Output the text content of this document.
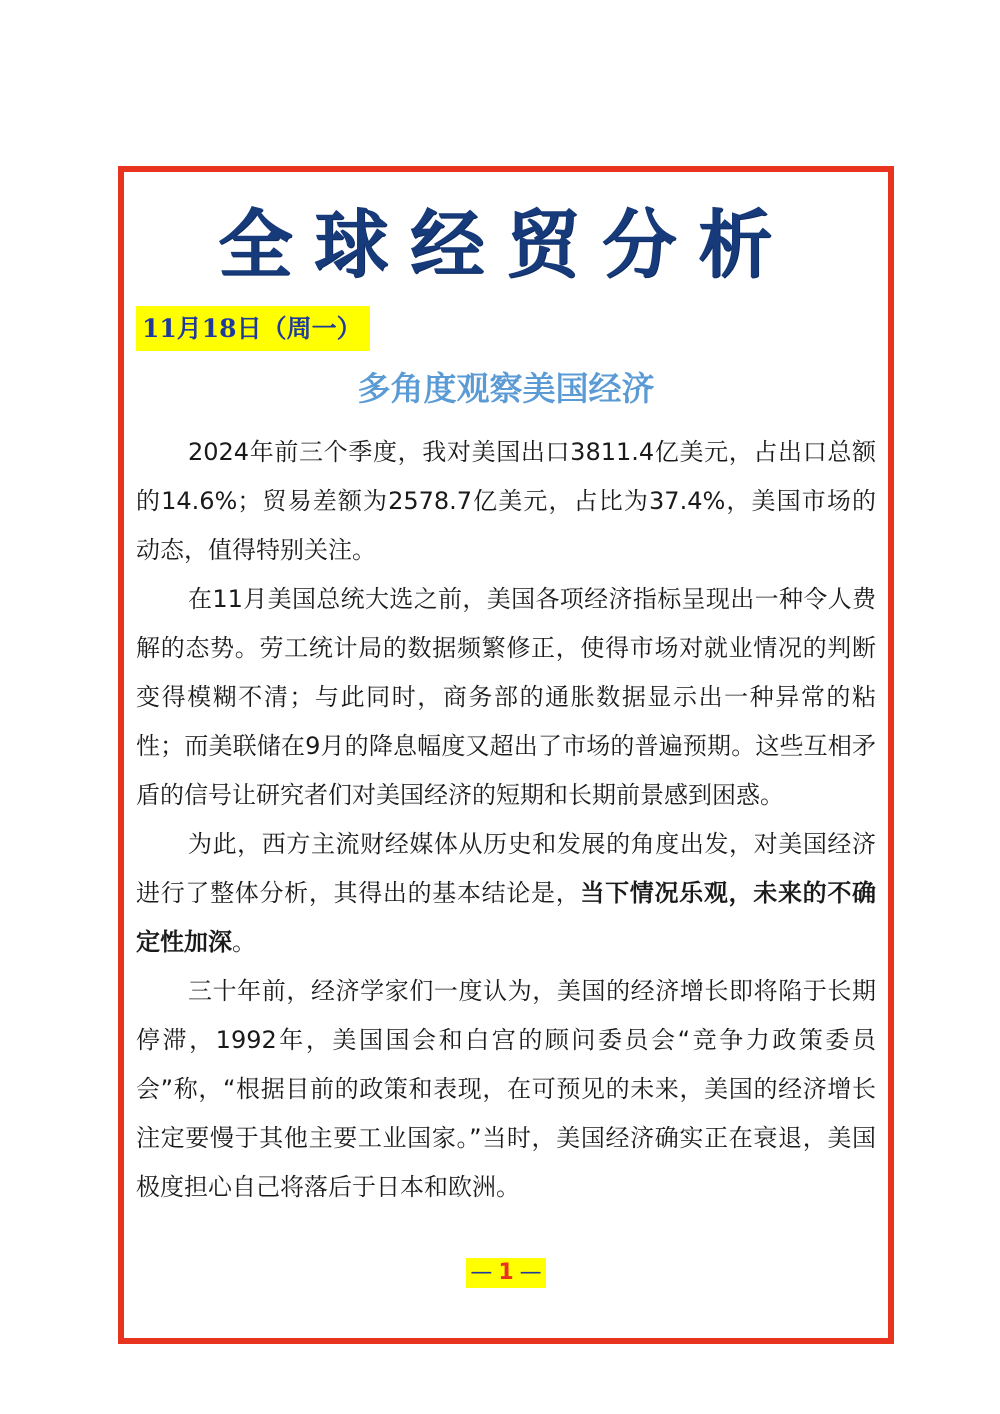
全球经贸分析
11月18日（周一）
多角度观察美国经济

2024年前三个季度，我对美国出口3811.4亿美元，占出口总额的14.6%；贸易差额为2578.7亿美元，占比为37.4%，美国市场的动态，值得特别关注。

在11月美国总统大选之前，美国各项经济指标呈现出一种令人费解的态势。劳工统计局的数据频繁修正，使得市场对就业情况的判断变得模糊不清；与此同时，商务部的通胀数据显示出一种异常的粘性；而美联储在9月的降息幅度又超出了市场的普遍预期。这些互相矛盾的信号让研究者们对美国经济的短期和长期前景感到困惑。

为此，西方主流财经媒体从历史和发展的角度出发，对美国经济进行了整体分析，其得出的基本结论是，当下情况乐观，未来的不确定性加深。

三十年前，经济学家们一度认为，美国的经济增长即将陷于长期停滞，1992年，美国国会和白宫的顾问委员会“竞争力政策委员会”称，“根据目前的政策和表现，在可预见的未来，美国的经济增长注定要慢于其他主要工业国家。”当时，美国经济确实正在衰退，美国极度担心自己将落后于日本和欧洲。

— 1 —
